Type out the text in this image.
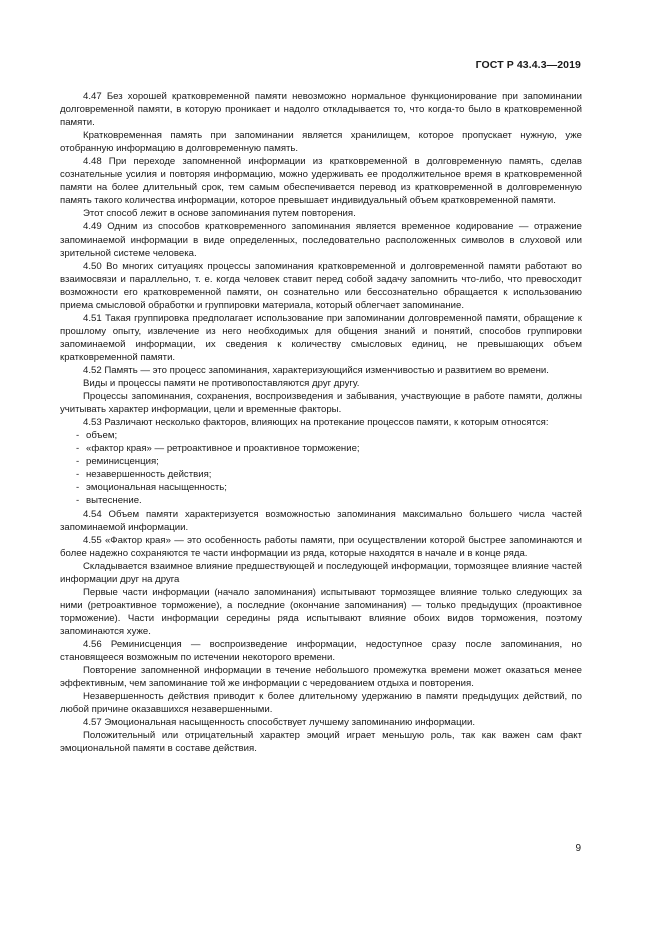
ГОСТ Р 43.4.3—2019

4.47 Без хорошей кратковременной памяти невозможно нормальное функционирование при запоминании долговременной памяти, в которую проникает и надолго откладывается то, что когда-то было в кратковременной памяти.

Кратковременная память при запоминании является хранилищем, которое пропускает нужную, уже отобранную информацию в долговременную память.

4.48 При переходе запомненной информации из кратковременной в долговременную память, сделав сознательные усилия и повторяя информацию, можно удерживать ее продолжительное время в кратковременной памяти на более длительный срок, тем самым обеспечивается перевод из кратковременной в долговременную память такого количества информации, которое превышает индивидуальный объем кратковременной памяти.

Этот способ лежит в основе запоминания путем повторения.

4.49 Одним из способов кратковременного запоминания является временное кодирование — отражение запоминаемой информации в виде определенных, последовательно расположенных символов в слуховой или зрительной системе человека.

4.50 Во многих ситуациях процессы запоминания кратковременной и долговременной памяти работают во взаимосвязи и параллельно, т. е. когда человек ставит перед собой задачу запомнить что-либо, что превосходит возможности его кратковременной памяти, он сознательно или бессознательно обращается к использованию приема смысловой обработки и группировки материала, который облегчает запоминание.

4.51 Такая группировка предполагает использование при запоминании долговременной памяти, обращение к прошлому опыту, извлечение из него необходимых для общения знаний и понятий, способов группировки запоминаемой информации, их сведения к количеству смысловых единиц, не превышающих объем кратковременной памяти.

4.52 Память — это процесс запоминания, характеризующийся изменчивостью и развитием во времени.

Виды и процессы памяти не противопоставляются друг другу.

Процессы запоминания, сохранения, воспроизведения и забывания, участвующие в работе памяти, должны учитывать характер информации, цели и временные факторы.

4.53 Различают несколько факторов, влияющих на протекание процессов памяти, к которым относятся:

- объем;
- «фактор края» — ретроактивное и проактивное торможение;
- реминисценция;
- незавершенность действия;
- эмоциональная насыщенность;
- вытеснение.

4.54 Объем памяти характеризуется возможностью запоминания максимально большего числа частей запоминаемой информации.

4.55 «Фактор края» — это особенность работы памяти, при осуществлении которой быстрее запоминаются и более надежно сохраняются те части информации из ряда, которые находятся в начале и в конце ряда.

Складывается взаимное влияние предшествующей и последующей информации, тормозящее влияние частей информации друг на друга

Первые части информации (начало запоминания) испытывают тормозящее влияние только следующих за ними (ретроактивное торможение), а последние (окончание запоминания) — только предыдущих (проактивное торможение). Части информации середины ряда испытывают влияние обоих видов торможения, поэтому запоминаются хуже.

4.56 Реминисценция — воспроизведение информации, недоступное сразу после запоминания, но становящееся возможным по истечении некоторого времени.

Повторение запомненной информации в течение небольшого промежутка времени может оказаться менее эффективным, чем запоминание той же информации с чередованием отдыха и повторения.

Незавершенность действия приводит к более длительному удержанию в памяти предыдущих действий, по любой причине оказавшихся незавершенными.

4.57 Эмоциональная насыщенность способствует лучшему запоминанию информации.

Положительный или отрицательный характер эмоций играет меньшую роль, так как важен сам факт эмоциональной памяти в составе действия.

9
